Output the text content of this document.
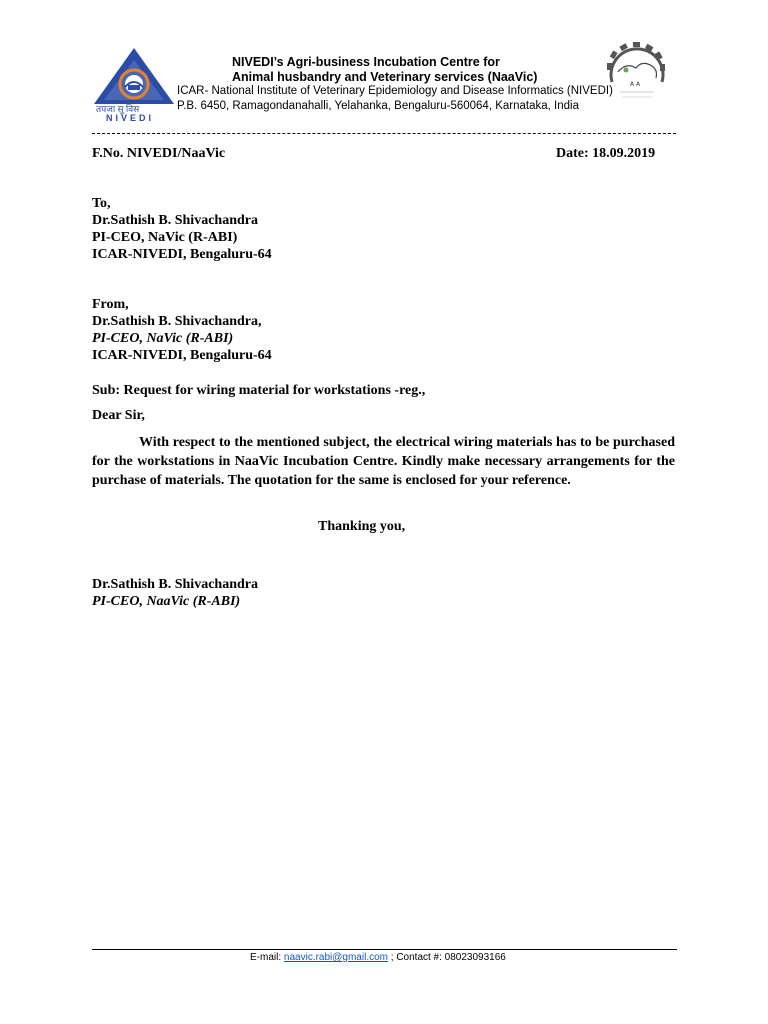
तपजा सु विस
NIVEDI
NIVEDI’s Agri-business Incubation Centre for
Animal husbandry and Veterinary services (NaaVic)
ICAR- National Institute of Veterinary Epidemiology and Disease Informatics (NIVEDI)
P.B. 6450, Ramagondanahalli, Yelahanka, Bengaluru-560064, Karnataka, India
A A
F.No. NIVEDI/NaaVic	Date: 18.09.2019
To,
Dr.Sathish B. Shivachandra
PI-CEO, NaVic (R-ABI)
ICAR-NIVEDI, Bengaluru-64
From,
Dr.Sathish B. Shivachandra,
PI-CEO, NaVic (R-ABI)
ICAR-NIVEDI, Bengaluru-64
Sub: Request for wiring material for workstations -reg.,
Dear Sir,
With respect to the mentioned subject, the electrical wiring materials has to be purchased for the workstations in NaaVic Incubation Centre. Kindly make necessary arrangements for the purchase of materials. The quotation for the same is enclosed for your reference.
Thanking you,
Dr.Sathish B. Shivachandra
PI-CEO, NaaVic (R-ABI)
E-mail: naavic.rabi@gmail.com ; Contact #: 08023093166
